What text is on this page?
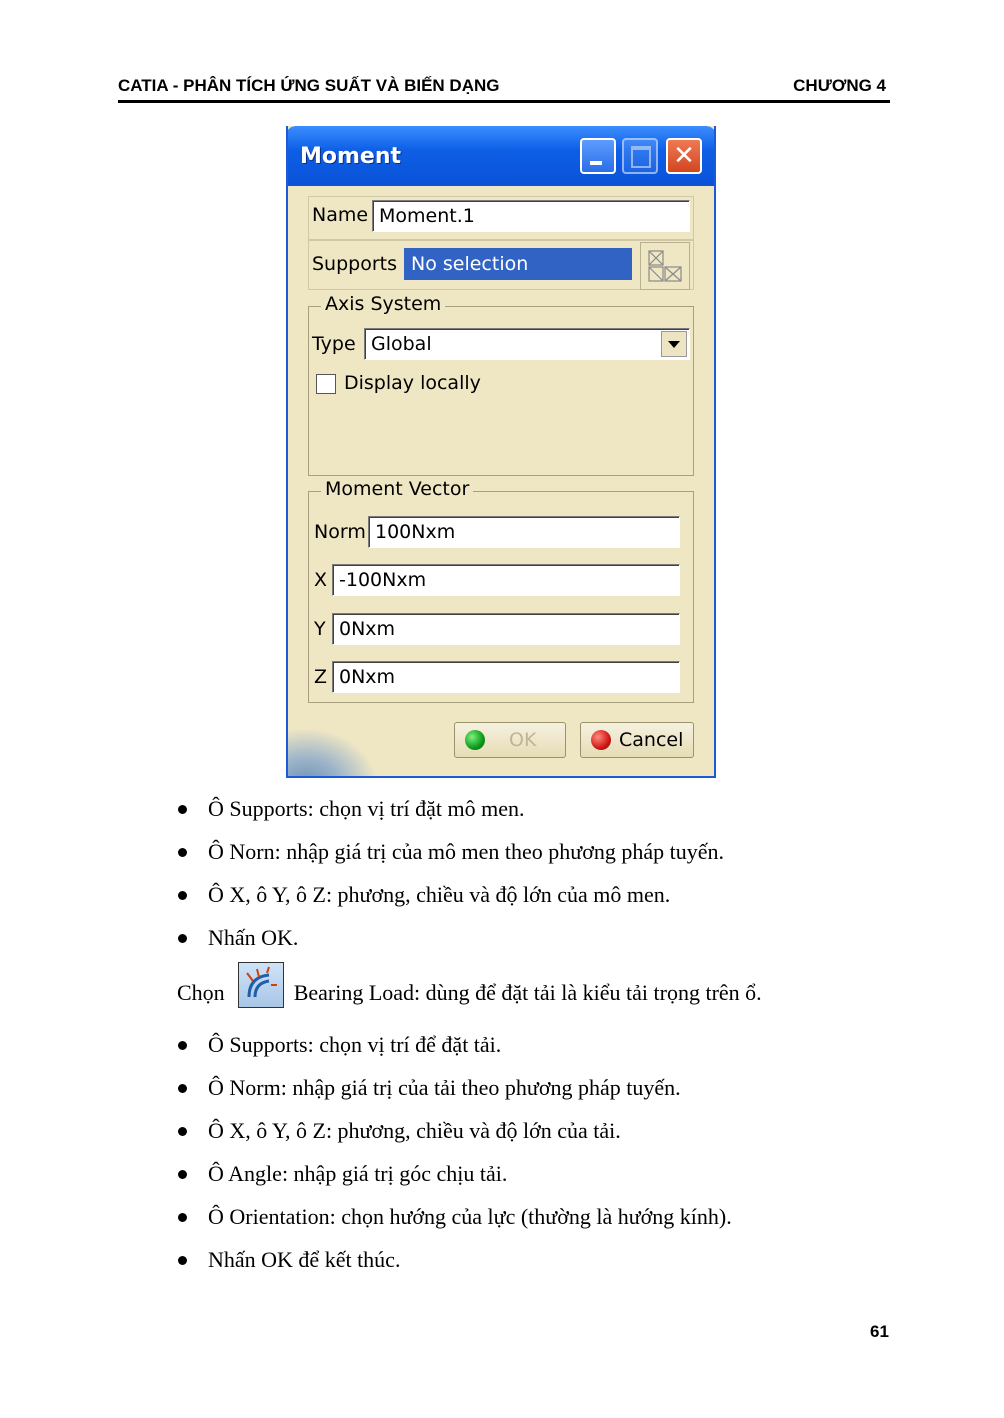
CATIA - PHÂN TÍCH ỨNG SUẤT VÀ BIẾN DẠNG	CHƯƠNG 4
Moment	✕
Name Moment.1
Supports No selection
Axis System
Type Global
Display locally
Moment Vector
Norm 100Nxm
X -100Nxm
Y 0Nxm
Z 0Nxm
OK	Cancel
Ô Supports: chọn vị trí đặt mô men.
Ô Norn: nhập giá trị của mô men theo phương pháp tuyến.
Ô X, ô Y, ô Z: phương, chiều và độ lớn của mô men.
Nhấn OK.
Chọn	Bearing Load: dùng để đặt tải là kiểu tải trọng trên ổ.
Ô Supports: chọn vị trí để đặt tải.
Ô Norm: nhập giá trị của tải theo phương pháp tuyến.
Ô X, ô Y, ô Z: phương, chiều và độ lớn của tải.
Ô Angle: nhập giá trị góc chịu tải.
Ô Orientation: chọn hướng của lực (thường là hướng kính).
Nhấn OK để kết thúc.
61
